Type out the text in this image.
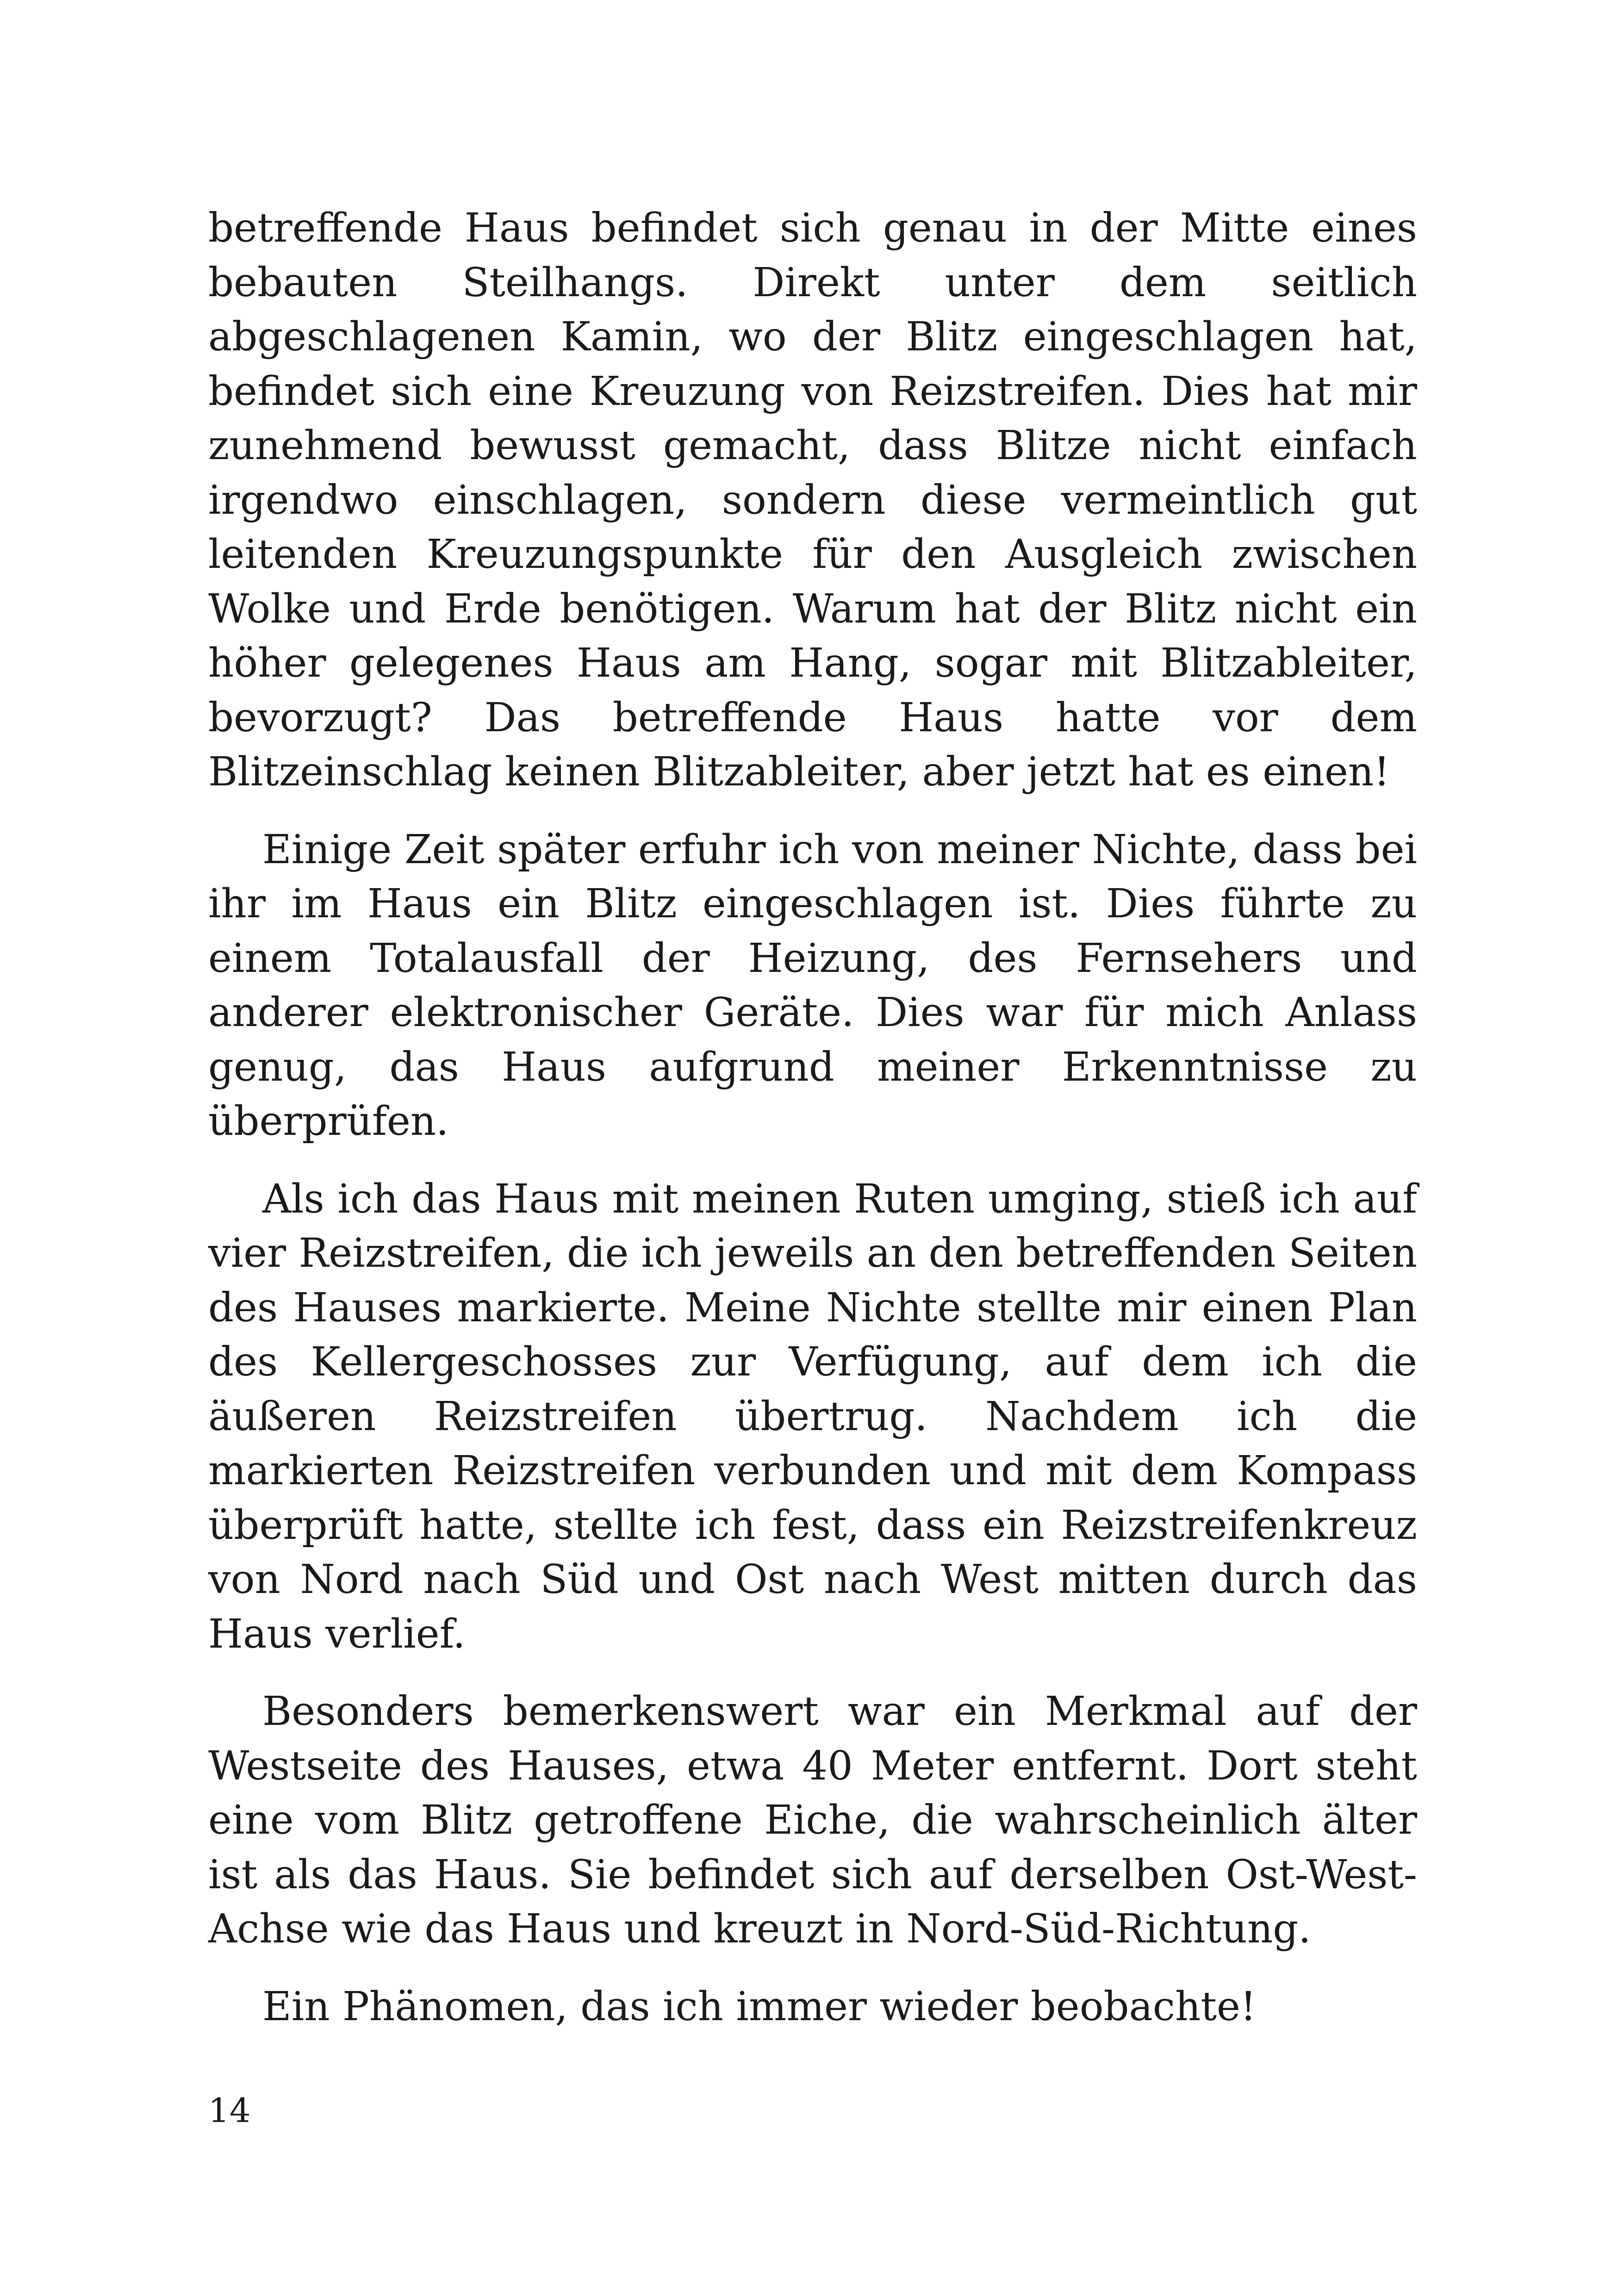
betreffende Haus befindet sich genau in der Mitte eines bebauten Steilhangs. Direkt unter dem seitlich abgeschlagenen Kamin, wo der Blitz eingeschlagen hat, befindet sich eine Kreuzung von Reizstreifen. Dies hat mir zunehmend bewusst gemacht, dass Blitze nicht einfach irgendwo einschlagen, sondern diese vermeintlich gut leitenden Kreuzungspunkte für den Ausgleich zwischen Wolke und Erde benötigen. Warum hat der Blitz nicht ein höher gelegenes Haus am Hang, sogar mit Blitzableiter, bevorzugt? Das betreffende Haus hatte vor dem Blitzeinschlag keinen Blitzableiter, aber jetzt hat es einen!

Einige Zeit später erfuhr ich von meiner Nichte, dass bei ihr im Haus ein Blitz eingeschlagen ist. Dies führte zu einem Totalausfall der Heizung, des Fernsehers und anderer elektronischer Geräte. Dies war für mich Anlass genug, das Haus aufgrund meiner Erkenntnisse zu überprüfen.

Als ich das Haus mit meinen Ruten umging, stieß ich auf vier Reizstreifen, die ich jeweils an den betreffenden Seiten des Hauses markierte. Meine Nichte stellte mir einen Plan des Kellergeschosses zur Verfügung, auf dem ich die äußeren Reizstreifen übertrug. Nachdem ich die markierten Reizstreifen verbunden und mit dem Kompass überprüft hatte, stellte ich fest, dass ein Reizstreifenkreuz von Nord nach Süd und Ost nach West mitten durch das Haus verlief.

Besonders bemerkenswert war ein Merkmal auf der Westseite des Hauses, etwa 40 Meter entfernt. Dort steht eine vom Blitz getroffene Eiche, die wahrscheinlich älter ist als das Haus. Sie befindet sich auf derselben Ost-West-Achse wie das Haus und kreuzt in Nord-Süd-Richtung.

Ein Phänomen, das ich immer wieder beobachte!

14
